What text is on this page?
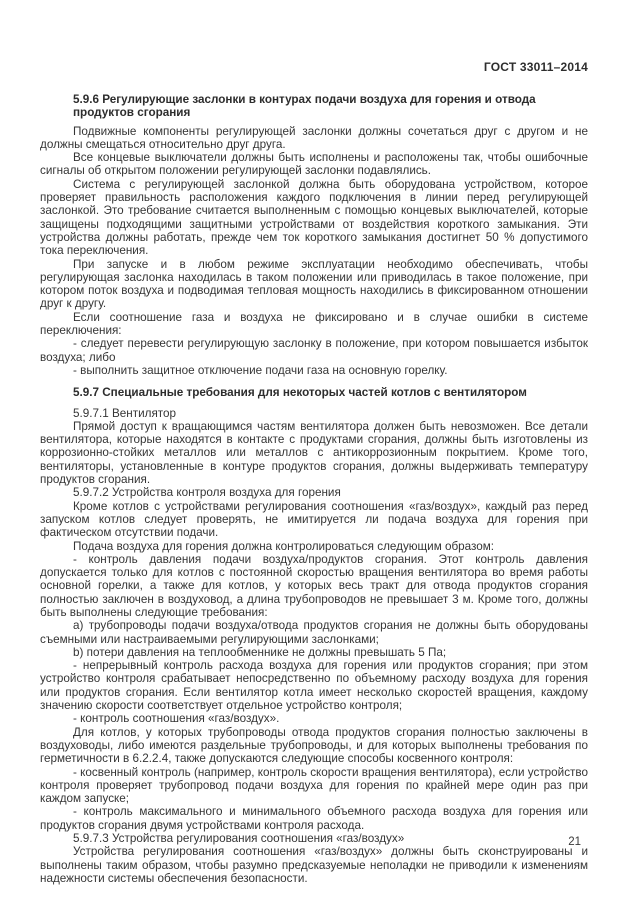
ГОСТ 33011–2014
5.9.6 Регулирующие заслонки в контурах подачи воздуха для горения и отвода продуктов сгорания
Подвижные компоненты регулирующей заслонки должны сочетаться друг с другом и не должны смещаться относительно друг друга.
Все концевые выключатели должны быть исполнены и расположены так, чтобы ошибочные сигналы об открытом положении регулирующей заслонки подавлялись.
Система с регулирующей заслонкой должна быть оборудована устройством, которое проверяет правильность расположения каждого подключения в линии перед регулирующей заслонкой. Это требование считается выполненным с помощью концевых выключателей, которые защищены подходящими защитными устройствами от воздействия короткого замыкания. Эти устройства должны работать, прежде чем ток короткого замыкания достигнет 50 % допустимого тока переключения.
При запуске и в любом режиме эксплуатации необходимо обеспечивать, чтобы регулирующая заслонка находилась в таком положении или приводилась в такое положение, при котором поток воздуха и подводимая тепловая мощность находились в фиксированном отношении друг к другу.
Если соотношение газа и воздуха не фиксировано и в случае ошибки в системе переключения:
- следует перевести регулирующую заслонку в положение, при котором повышается избыток воздуха; либо
- выполнить защитное отключение подачи газа на основную горелку.
5.9.7 Специальные требования для некоторых частей котлов с вентилятором
5.9.7.1 Вентилятор
Прямой доступ к вращающимся частям вентилятора должен быть невозможен. Все детали вентилятора, которые находятся в контакте с продуктами сгорания, должны быть изготовлены из коррозионно-стойких металлов или металлов с антикоррозионным покрытием. Кроме того, вентиляторы, установленные в контуре продуктов сгорания, должны выдерживать температуру продуктов сгорания.
5.9.7.2 Устройства контроля воздуха для горения
Кроме котлов с устройствами регулирования соотношения «газ/воздух», каждый раз перед запуском котлов следует проверять, не имитируется ли подача воздуха для горения при фактическом отсутствии подачи.
Подача воздуха для горения должна контролироваться следующим образом:
- контроль давления подачи воздуха/продуктов сгорания. Этот контроль давления допускается только для котлов с постоянной скоростью вращения вентилятора во время работы основной горелки, а также для котлов, у которых весь тракт для отвода продуктов сгорания полностью заключен в воздуховод, а длина трубопроводов не превышает 3 м. Кроме того, должны быть выполнены следующие требования:
а) трубопроводы подачи воздуха/отвода продуктов сгорания не должны быть оборудованы съемными или настраиваемыми регулирующими заслонками;
b) потери давления на теплообменнике не должны превышать 5 Па;
- непрерывный контроль расхода воздуха для горения или продуктов сгорания; при этом устройство контроля срабатывает непосредственно по объемному расходу воздуха для горения или продуктов сгорания. Если вентилятор котла имеет несколько скоростей вращения, каждому значению скорости соответствует отдельное устройство контроля;
- контроль соотношения «газ/воздух».
Для котлов, у которых трубопроводы отвода продуктов сгорания полностью заключены в воздуховоды, либо имеются раздельные трубопроводы, и для которых выполнены требования по герметичности в 6.2.2.4, также допускаются следующие способы косвенного контроля:
- косвенный контроль (например, контроль скорости вращения вентилятора), если устройство контроля проверяет трубопровод подачи воздуха для горения по крайней мере один раз при каждом запуске;
- контроль максимального и минимального объемного расхода воздуха для горения или продуктов сгорания двумя устройствами контроля расхода.
5.9.7.3 Устройства регулирования соотношения «газ/воздух»
Устройства регулирования соотношения «газ/воздух» должны быть сконструированы и выполнены таким образом, чтобы разумно предсказуемые неполадки не приводили к изменениям надежности системы обеспечения безопасности.
21
